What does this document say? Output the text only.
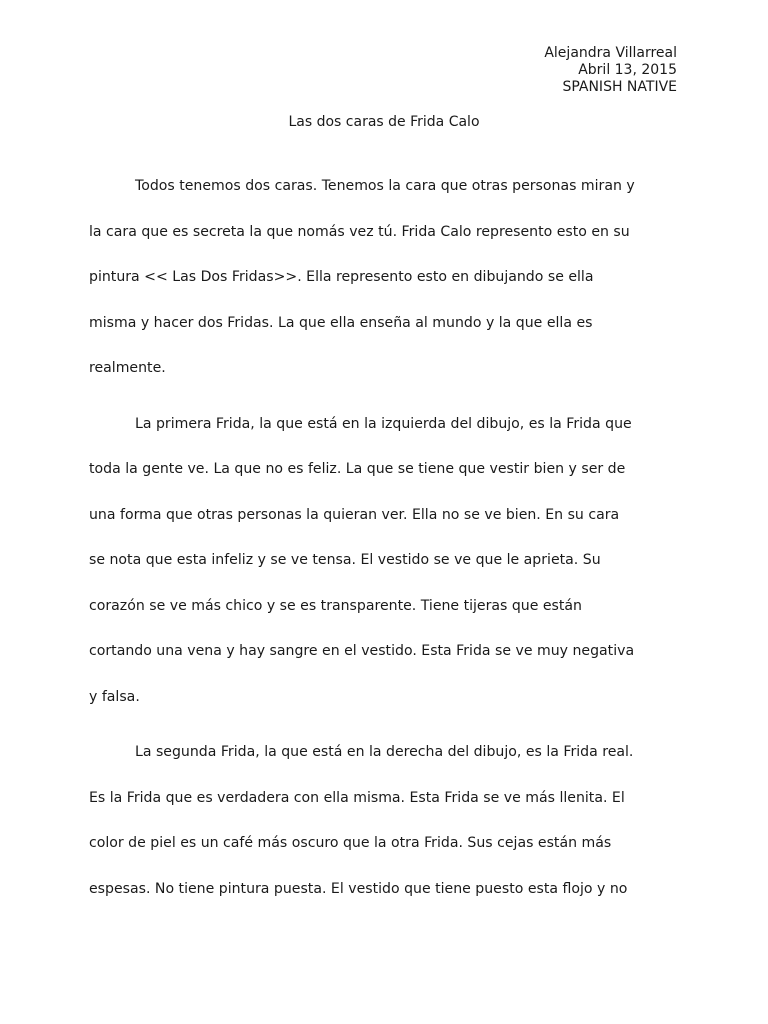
Alejandra Villarreal
Abril 13, 2015
SPANISH NATIVE
Las dos caras de Frida Calo
Todos tenemos dos caras. Tenemos la cara que otras personas miran y
la cara que es secreta la que nomás vez tú. Frida Calo represento esto en su
pintura << Las Dos Fridas>>. Ella represento esto en dibujando se ella
misma y hacer dos Fridas. La que ella enseña al mundo y la que ella es
realmente.
La primera Frida, la que está en la izquierda del dibujo, es la Frida que
toda la gente ve. La que no es feliz. La que se tiene que vestir bien y ser de
una forma que otras personas la quieran ver. Ella no se ve bien. En su cara
se nota que esta infeliz y se ve tensa. El vestido se ve que le aprieta. Su
corazón se ve más chico y se es transparente. Tiene tijeras que están
cortando una vena y hay sangre en el vestido. Esta Frida se ve muy negativa
y falsa.
La segunda Frida, la que está en la derecha del dibujo, es la Frida real.
Es la Frida que es verdadera con ella misma. Esta Frida se ve más llenita. El
color de piel es un café más oscuro que la otra Frida. Sus cejas están más
espesas. No tiene pintura puesta. El vestido que tiene puesto esta flojo y no
